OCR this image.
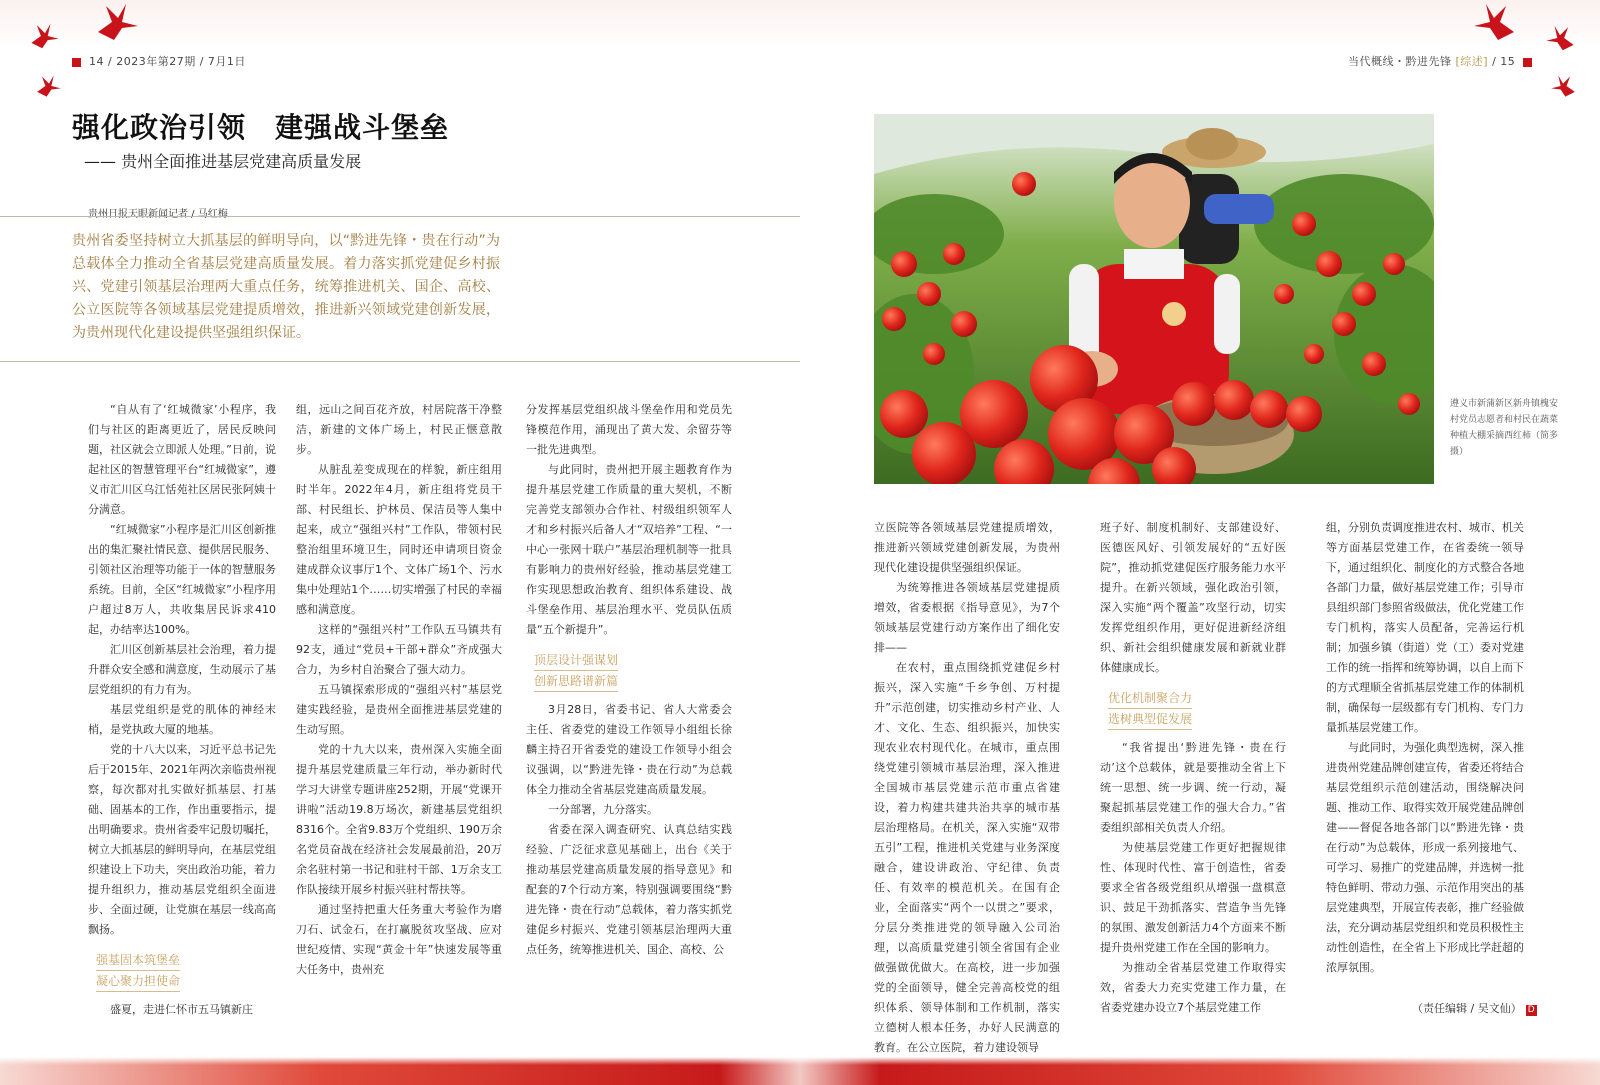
14 / 2023年第27期 / 7月1日	当代概线・黔进先锋 [综述] / 15
强化政治引领　建强战斗堡垒
—— 贵州全面推进基层党建高质量发展
贵州日报天眼新闻记者 / 马红梅
贵州省委坚持树立大抓基层的鲜明导向，以“黔进先锋・贵在行动”为总载体全力推动全省基层党建高质量发展。着力落实抓党建促乡村振兴、党建引领基层治理两大重点任务，统筹推进机关、国企、高校、公立医院等各领域基层党建提质增效，推进新兴领域党建创新发展，为贵州现代化建设提供坚强组织保证。

“自从有了‘红城微家’小程序，我们与社区的距离更近了，居民反映问题，社区就会立即派人处理。”日前，说起社区的智慧管理平台“红城微家”，遵义市汇川区乌江恬苑社区居民张阿姨十分满意。

“红城微家”小程序是汇川区创新推出的集汇聚社情民意、提供居民服务、引领社区治理等功能于一体的智慧服务系统。目前，全区“红城微家”小程序用户超过8万人，共收集居民诉求410起，办结率达100%。

汇川区创新基层社会治理，着力提升群众安全感和满意度，生动展示了基层党组织的有力有为。

基层党组织是党的肌体的神经末梢，是党执政大厦的地基。

党的十八大以来，习近平总书记先后于2015年、2021年两次亲临贵州视察，每次都对扎实做好抓基层、打基础、固基本的工作，作出重要指示，提出明确要求。贵州省委牢记殷切嘱托，树立大抓基层的鲜明导向，在基层党组织建设上下功夫，突出政治功能，着力提升组织力，推动基层党组织全面进步、全面过硬，让党旗在基层一线高高飘扬。

强基固本筑堡垒
凝心聚力担使命

盛夏，走进仁怀市五马镇新庄

组，远山之间百花齐放，村居院落干净整洁，新建的文体广场上，村民正惬意散步。

从脏乱差变成现在的样貌，新庄组用时半年。2022年4月，新庄组将党员干部、村民组长、护林员、保洁员等人集中起来，成立“强组兴村”工作队，带领村民整治组里环境卫生，同时还申请项目资金建成群众议事厅1个、文体广场1个、污水集中处理站1个……切实增强了村民的幸福感和满意度。

这样的“强组兴村”工作队五马镇共有92支，通过“党员+干部+群众”齐成强大合力，为乡村自治聚合了强大动力。

五马镇探索形成的“强组兴村”基层党建实践经验，是贵州全面推进基层党建的生动写照。

党的十九大以来，贵州深入实施全面提升基层党建质量三年行动，举办新时代学习大讲堂专题讲座252期，开展“党课开讲啦”活动19.8万场次，新建基层党组织8316个。全省9.83万个党组织、190万余名党员奋战在经济社会发展最前沿，20万余名驻村第一书记和驻村干部、1万余支工作队接续开展乡村振兴驻村帮扶等。

通过坚持把重大任务重大考验作为磨刀石、试金石，在打赢脱贫攻坚战、应对世纪疫情、实现“黄金十年”快速发展等重大任务中，贵州充

分发挥基层党组织战斗堡垒作用和党员先锋模范作用，涌现出了黄大发、余留芬等一批先进典型。

与此同时，贵州把开展主题教育作为提升基层党建工作质量的重大契机，不断完善党支部领办合作社、村级组织领军人才和乡村振兴后备人才“双培养”工程、“一中心一张网十联户”基层治理机制等一批具有影响力的贵州好经验，推动基层党建工作实现思想政治教育、组织体系建设、战斗堡垒作用、基层治理水平、党员队伍质量“五个新提升”。

顶层设计强谋划
创新思路谱新篇

3月28日，省委书记、省人大常委会主任、省委党的建设工作领导小组组长徐麟主持召开省委党的建设工作领导小组会议强调，以“黔进先锋・贵在行动”为总载体全力推动全省基层党建高质量发展。

一分部署，九分落实。

省委在深入调查研究、认真总结实践经验、广泛征求意见基础上，出台《关于推动基层党建高质量发展的指导意见》和配套的7个行动方案，特别强调要围绕“黔进先锋・贵在行动”总载体，着力落实抓党建促乡村振兴、党建引领基层治理两大重点任务，统筹推进机关、国企、高校、公

遵义市新蒲新区新舟镇槐安村党员志愿者和村民在蔬菜种植大棚采摘西红柿（简多 摄）

立医院等各领域基层党建提质增效，推进新兴领域党建创新发展，为贵州现代化建设提供坚强组织保证。

为统筹推进各领域基层党建提质增效，省委根据《指导意见》，为7个领域基层党建行动方案作出了细化安排——

在农村，重点围绕抓党建促乡村振兴，深入实施“千乡争创、万村提升”示范创建，切实推动乡村产业、人才、文化、生态、组织振兴，加快实现农业农村现代化。在城市，重点围绕党建引领城市基层治理，深入推进全国城市基层党建示范市重点省建设，着力构建共建共治共享的城市基层治理格局。在机关，深入实施“双带五引”工程，推进机关党建与业务深度融合，建设讲政治、守纪律、负责任、有效率的模范机关。在国有企业，全面落实“两个一以贯之”要求，分层分类推进党的领导融入公司治理，以高质量党建引领全省国有企业做强做优做大。在高校，进一步加强党的全面领导，健全完善高校党的组织体系、领导体制和工作机制，落实立德树人根本任务，办好人民满意的教育。在公立医院，着力建设领导

班子好、制度机制好、支部建设好、医德医风好、引领发展好的“五好医院”，推动抓党建促医疗服务能力水平提升。在新兴领域，强化政治引领，深入实施“两个覆盖”攻坚行动，切实发挥党组织作用，更好促进新经济组织、新社会组织健康发展和新就业群体健康成长。

优化机制聚合力
选树典型促发展

“我省提出‘黔进先锋・贵在行动’这个总载体，就是要推动全省上下统一思想、统一步调、统一行动，凝聚起抓基层党建工作的强大合力。”省委组织部相关负责人介绍。

为使基层党建工作更好把握规律性、体现时代性、富于创造性，省委要求全省各级党组织从增强一盘棋意识、鼓足干劲抓落实、营造争当先锋的氛围、激发创新活力4个方面来不断提升贵州党建工作在全国的影响力。

为推动全省基层党建工作取得实效，省委大力充实党建工作力量，在省委党建办设立7个基层党建工作

组，分别负责调度推进农村、城市、机关等方面基层党建工作，在省委统一领导下，通过组织化、制度化的方式整合各地各部门力量，做好基层党建工作；引导市县组织部门参照省级做法，优化党建工作专门机构，落实人员配备，完善运行机制；加强乡镇（街道）党（工）委对党建工作的统一指挥和统筹协调，以自上而下的方式理顺全省抓基层党建工作的体制机制，确保每一层级都有专门机构、专门力量抓基层党建工作。

与此同时，为强化典型选树，深入推进贵州党建品牌创建宣传，省委还将结合基层党组织示范创建活动，围绕解决问题、推动工作、取得实效开展党建品牌创建——督促各地各部门以“黔进先锋・贵在行动”为总载体，形成一系列接地气、可学习、易推广的党建品牌，并选树一批特色鲜明、带动力强、示范作用突出的基层党建典型，开展宣传表彰，推广经验做法，充分调动基层党组织和党员积极性主动性创造性，在全省上下形成比学赶超的浓厚氛围。

（责任编辑 / 吴文仙） D
